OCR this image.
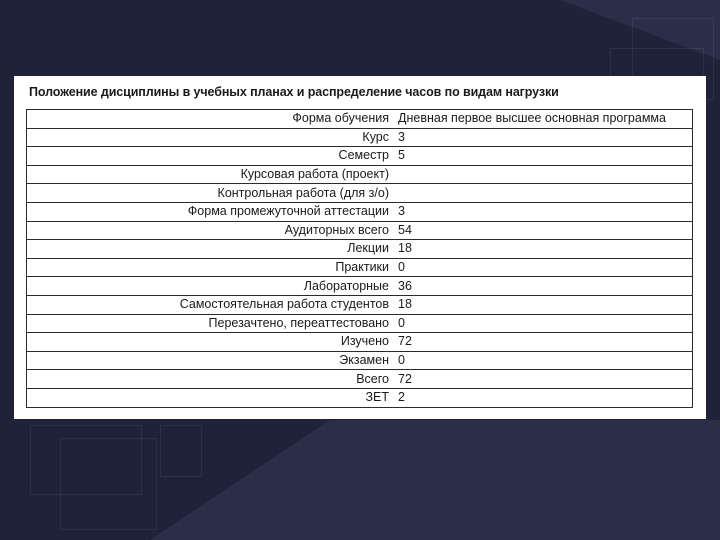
Положение дисциплины в учебных планах и распределение часов по видам нагрузки
Форма обучения	Дневная первое высшее основная программа
Курс	3
Семестр	5
Курсовая работа (проект)	
Контрольная работа (для з/о)	
Форма промежуточной аттестации	3
Аудиторных всего	54
Лекции	18
Практики	0
Лабораторные	36
Самостоятельная работа студентов	18
Перезачтено, переаттестовано	0
Изучено	72
Экзамен	0
Всего	72
ЗЕТ	2
